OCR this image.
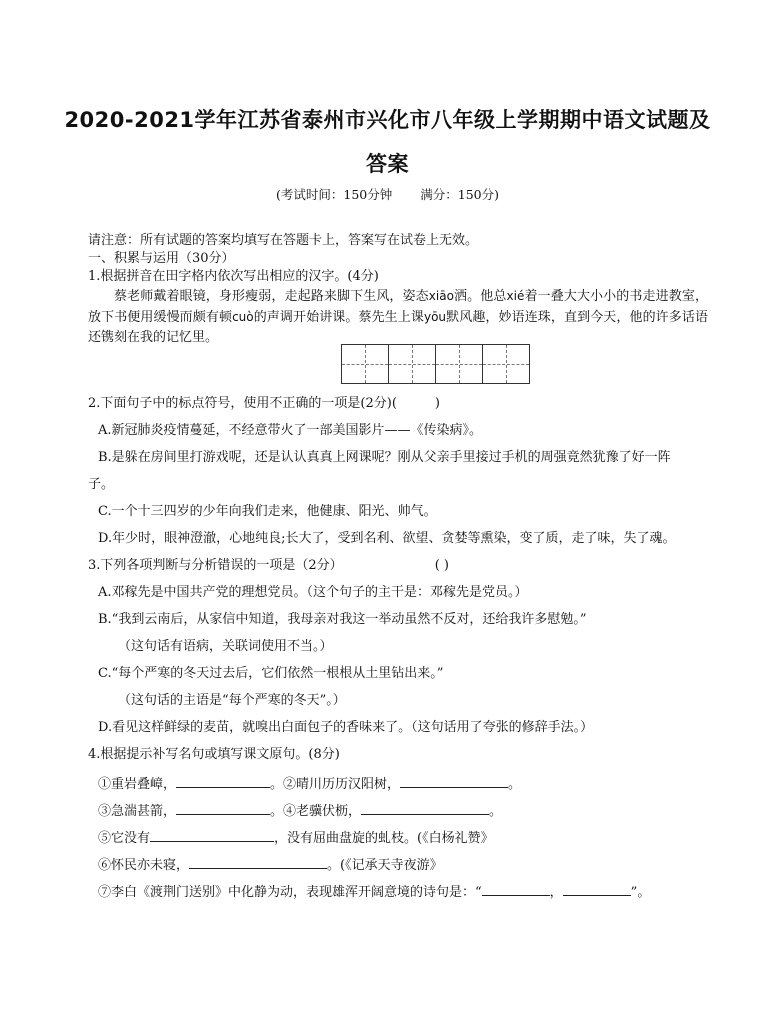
2020-2021学年江苏省泰州市兴化市八年级上学期期中语文试题及
答案
(考试时间：150分钟 满分：150分)
请注意：所有试题的答案均填写在答题卡上，答案写在试卷上无效。
一、积累与运用（30分）
1.根据拼音在田字格内依次写出相应的汉字。(4分)
蔡老师戴着眼镜，身形瘦弱，走起路来脚下生风，姿态xiāo洒。他总xié着一叠大大小小的书走进教室，放下书便用缓慢而颇有顿cuò的声调开始讲课。蔡先生上课yōu默风趣，妙语连珠，直到今天，他的许多话语还镌刻在我的记忆里。
2.下面句子中的标点符号，使用不正确的一项是(2分)(	)
A.新冠肺炎疫情蔓延，不经意带火了一部美国影片——《传染病》。
B.是躲在房间里打游戏呢，还是认认真真上网课呢？刚从父亲手里接过手机的周强竟然犹豫了好一阵
子。
C.一个十三四岁的少年向我们走来，他健康、阳光、帅气。
D.年少时，眼神澄澈，心地纯良;长大了，受到名利、欲望、贪婪等熏染，变了质，走了味，失了魂。
3.下列各项判断与分析错误的一项是（2分）	( )
A.邓稼先是中国共产党的理想党员。（这个句子的主干是：邓稼先是党员。）
B.“我到云南后，从家信中知道，我母亲对我这一举动虽然不反对，还给我许多慰勉。”
（这句话有语病，关联词使用不当。）
C.“每个严寒的冬天过去后，它们依然一根根从土里钻出来。”
（这句话的主语是“每个严寒的冬天”。）
D.看见这样鲜绿的麦苗，就嗅出白面包子的香味来了。（这句话用了夸张的修辞手法。）
4.根据提示补写名句或填写课文原句。(8分)
①重岩叠嶂，	。②晴川历历汉阳树，	。
③急湍甚箭，	。④老骥伏枥，	。
⑤它没有	，没有屈曲盘旋的虬枝。(《白杨礼赞》
⑥怀民亦未寝，	。(《记承天寺夜游》
⑦李白《渡荆门送别》中化静为动，表现雄浑开阔意境的诗句是：“	，	”。
